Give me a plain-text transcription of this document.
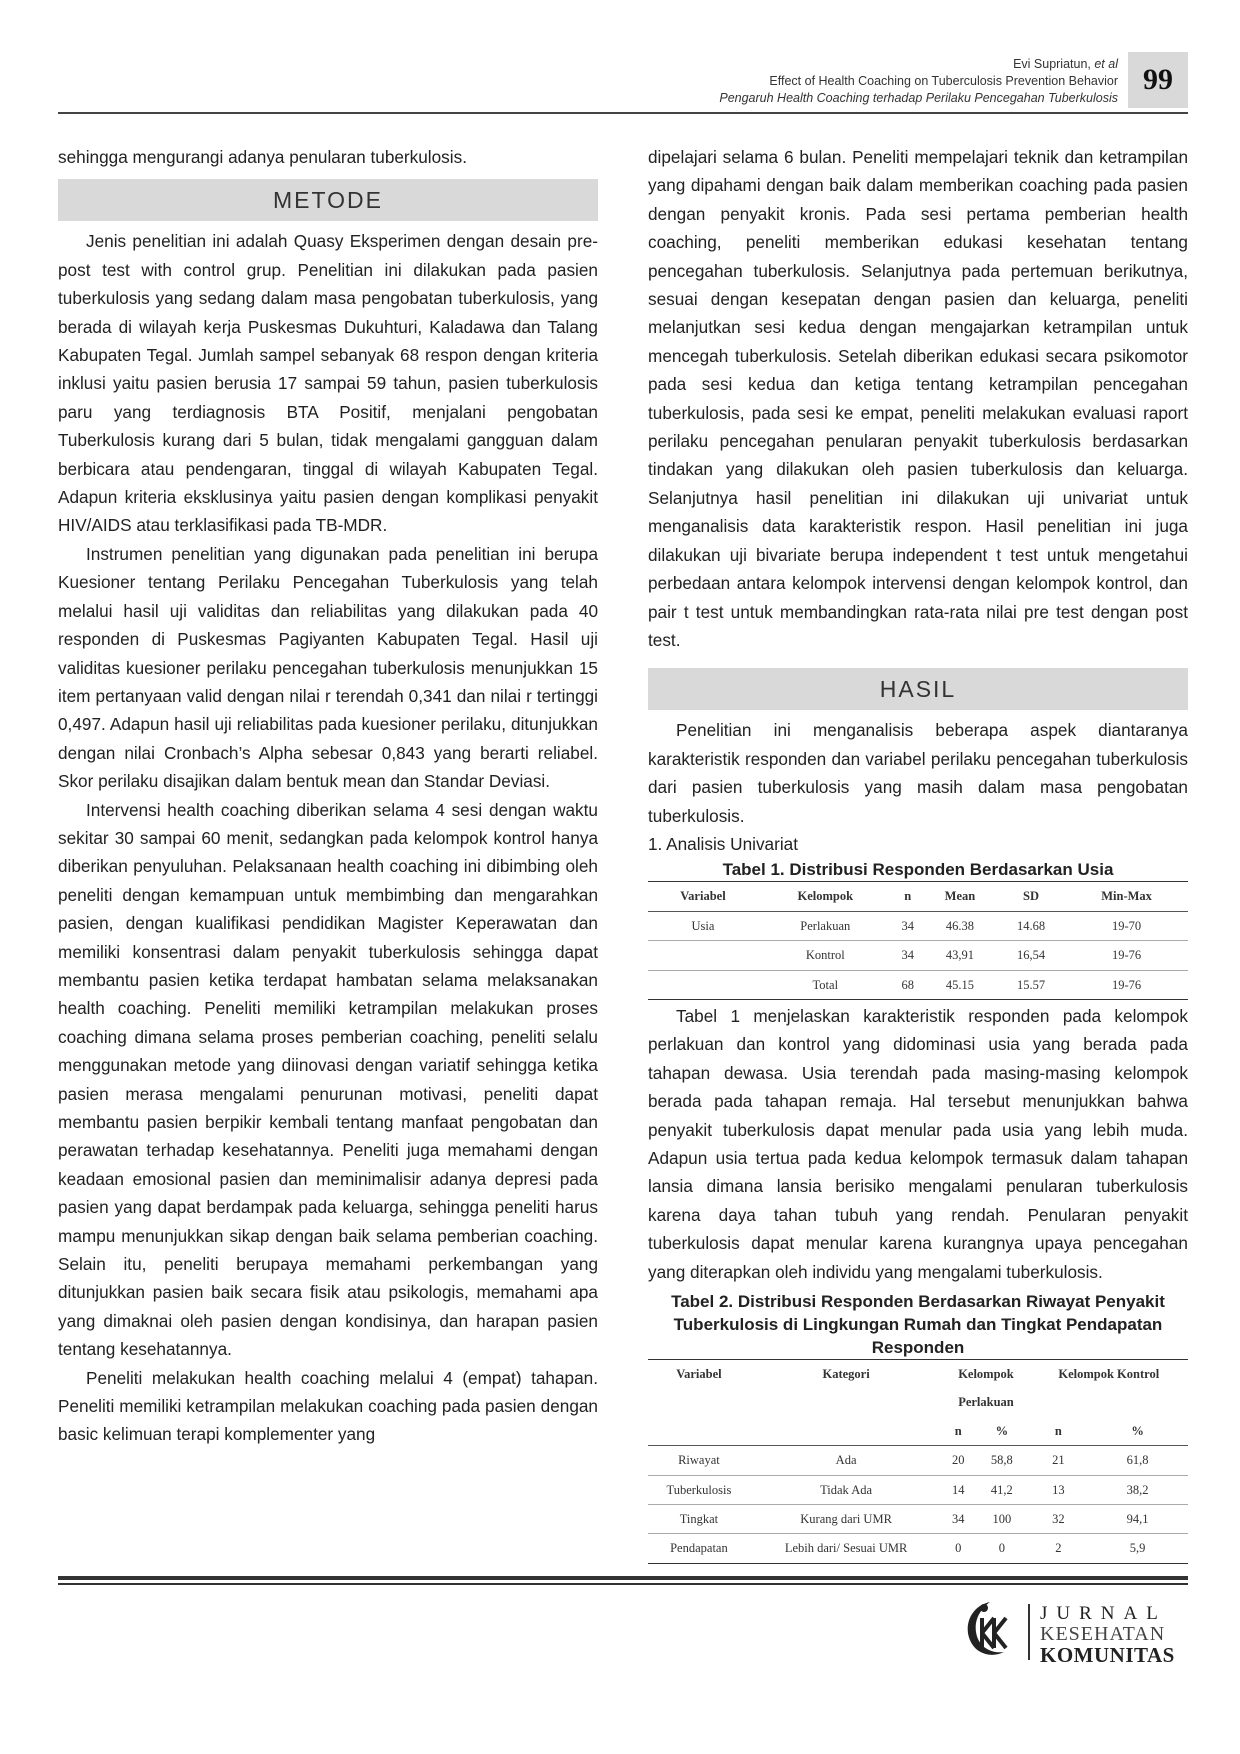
Evi Supriatun, et al
Effect of Health Coaching on Tuberculosis Prevention Behavior
Pengaruh Health Coaching terhadap Perilaku Pencegahan Tuberkulosis
99

sehingga mengurangi adanya penularan tuberkulosis.

METODE

Jenis penelitian ini adalah Quasy Eksperimen dengan desain pre-post test with control grup. Penelitian ini dilakukan pada pasien tuberkulosis yang sedang dalam masa pengobatan tuberkulosis, yang berada di wilayah kerja Puskesmas Dukuhturi, Kaladawa dan Talang Kabupaten Tegal. Jumlah sampel sebanyak 68 respon dengan kriteria inklusi yaitu pasien berusia 17 sampai 59 tahun, pasien tuberkulosis paru yang terdiagnosis BTA Positif, menjalani pengobatan Tuberkulosis kurang dari 5 bulan, tidak mengalami gangguan dalam berbicara atau pendengaran, tinggal di wilayah Kabupaten Tegal. Adapun kriteria eksklusinya yaitu pasien dengan komplikasi penyakit HIV/AIDS atau terklasifikasi pada TB-MDR.

Instrumen penelitian yang digunakan pada penelitian ini berupa Kuesioner tentang Perilaku Pencegahan Tuberkulosis yang telah melalui hasil uji validitas dan reliabilitas yang dilakukan pada 40 responden di Puskesmas Pagiyanten Kabupaten Tegal. Hasil uji validitas kuesioner perilaku pencegahan tuberkulosis menunjukkan 15 item pertanyaan valid dengan nilai r terendah 0,341 dan nilai r tertinggi 0,497. Adapun hasil uji reliabilitas pada kuesioner perilaku, ditunjukkan dengan nilai Cronbach’s Alpha sebesar 0,843 yang berarti reliabel. Skor perilaku disajikan dalam bentuk mean dan Standar Deviasi.

Intervensi health coaching diberikan selama 4 sesi dengan waktu sekitar 30 sampai 60 menit, sedangkan pada kelompok kontrol hanya diberikan penyuluhan. Pelaksanaan health coaching ini dibimbing oleh peneliti dengan kemampuan untuk membimbing dan mengarahkan pasien, dengan kualifikasi pendidikan Magister Keperawatan dan memiliki konsentrasi dalam penyakit tuberkulosis sehingga dapat membantu pasien ketika terdapat hambatan selama melaksanakan health coaching. Peneliti memiliki ketrampilan melakukan proses coaching dimana selama proses pemberian coaching, peneliti selalu menggunakan metode yang diinovasi dengan variatif sehingga ketika pasien merasa mengalami penurunan motivasi, peneliti dapat membantu pasien berpikir kembali tentang manfaat pengobatan dan perawatan terhadap kesehatannya. Peneliti juga memahami dengan keadaan emosional pasien dan meminimalisir adanya depresi pada pasien yang dapat berdampak pada keluarga, sehingga peneliti harus mampu menunjukkan sikap dengan baik selama pemberian coaching. Selain itu, peneliti berupaya memahami perkembangan yang ditunjukkan pasien baik secara fisik atau psikologis, memahami apa yang dimaknai oleh pasien dengan kondisinya, dan harapan pasien tentang kesehatannya.

Peneliti melakukan health coaching melalui 4 (empat) tahapan. Peneliti memiliki ketrampilan melakukan coaching pada pasien dengan basic kelimuan terapi komplementer yang

dipelajari selama 6 bulan. Peneliti mempelajari teknik dan ketrampilan yang dipahami dengan baik dalam memberikan coaching pada pasien dengan penyakit kronis. Pada sesi pertama pemberian health coaching, peneliti memberikan edukasi kesehatan tentang pencegahan tuberkulosis. Selanjutnya pada pertemuan berikutnya, sesuai dengan kesepatan dengan pasien dan keluarga, peneliti melanjutkan sesi kedua dengan mengajarkan ketrampilan untuk mencegah tuberkulosis. Setelah diberikan edukasi secara psikomotor pada sesi kedua dan ketiga tentang ketrampilan pencegahan tuberkulosis, pada sesi ke empat, peneliti melakukan evaluasi raport perilaku pencegahan penularan penyakit tuberkulosis berdasarkan tindakan yang dilakukan oleh pasien tuberkulosis dan keluarga. Selanjutnya hasil penelitian ini dilakukan uji univariat untuk menganalisis data karakteristik respon. Hasil penelitian ini juga dilakukan uji bivariate berupa independent t test untuk mengetahui perbedaan antara kelompok intervensi dengan kelompok kontrol, dan pair t test untuk membandingkan rata-rata nilai pre test dengan post test.

HASIL

Penelitian ini menganalisis beberapa aspek diantaranya karakteristik responden dan variabel perilaku pencegahan tuberkulosis dari pasien tuberkulosis yang masih dalam masa pengobatan tuberkulosis.

1. Analisis Univariat

Tabel 1. Distribusi Responden Berdasarkan Usia
Variabel	Kelompok	n	Mean	SD	Min-Max
Usia	Perlakuan	34	46.38	14.68	19-70
	Kontrol	34	43,91	16,54	19-76
	Total	68	45.15	15.57	19-76

Tabel 1 menjelaskan karakteristik responden pada kelompok perlakuan dan kontrol yang didominasi usia yang berada pada tahapan dewasa. Usia terendah pada masing-masing kelompok berada pada tahapan remaja. Hal tersebut menunjukkan bahwa penyakit tuberkulosis dapat menular pada usia yang lebih muda. Adapun usia tertua pada kedua kelompok termasuk dalam tahapan lansia dimana lansia berisiko mengalami penularan tuberkulosis karena daya tahan tubuh yang rendah. Penularan penyakit tuberkulosis dapat menular karena kurangnya upaya pencegahan yang diterapkan oleh individu yang mengalami tuberkulosis.

Tabel 2. Distribusi Responden Berdasarkan Riwayat Penyakit Tuberkulosis di Lingkungan Rumah dan Tingkat Pendapatan Responden
Variabel	Kategori	Kelompok		Kelompok Kontrol	
		Perlakuan			
		n	%	n	%
Riwayat	Ada	20	58,8	21	61,8
Tuberkulosis	Tidak Ada	14	41,2	13	38,2
Tingkat	Kurang dari UMR	34	100	32	94,1
Pendapatan	Lebih dari/ Sesuai UMR	0	0	2	5,9
JURNAL
KESEHATAN
KOMUNITAS
